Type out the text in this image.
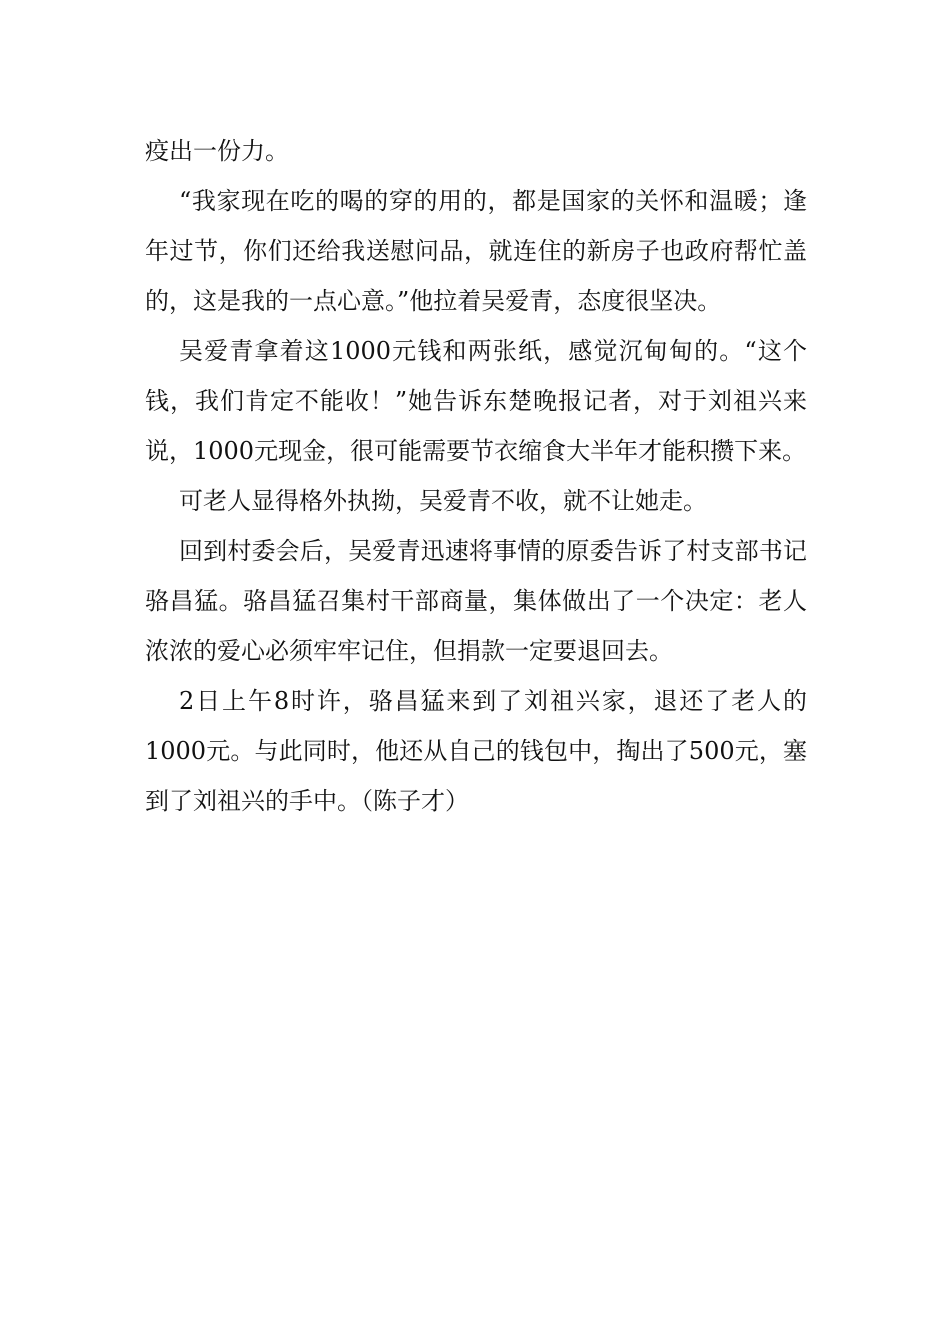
疫出一份力。

“我家现在吃的喝的穿的用的，都是国家的关怀和温暖；逢年过节，你们还给我送慰问品，就连住的新房子也政府帮忙盖的，这是我的一点心意。”他拉着吴爱青，态度很坚决。

吴爱青拿着这1000元钱和两张纸，感觉沉甸甸的。“这个钱，我们肯定不能收！”她告诉东楚晚报记者，对于刘祖兴来说，1000元现金，很可能需要节衣缩食大半年才能积攒下来。

可老人显得格外执拗，吴爱青不收，就不让她走。

回到村委会后，吴爱青迅速将事情的原委告诉了村支部书记骆昌猛。骆昌猛召集村干部商量，集体做出了一个决定：老人浓浓的爱心必须牢牢记住，但捐款一定要退回去。

2日上午8时许，骆昌猛来到了刘祖兴家，退还了老人的1000元。与此同时，他还从自己的钱包中，掏出了500元，塞到了刘祖兴的手中。（陈子才）
